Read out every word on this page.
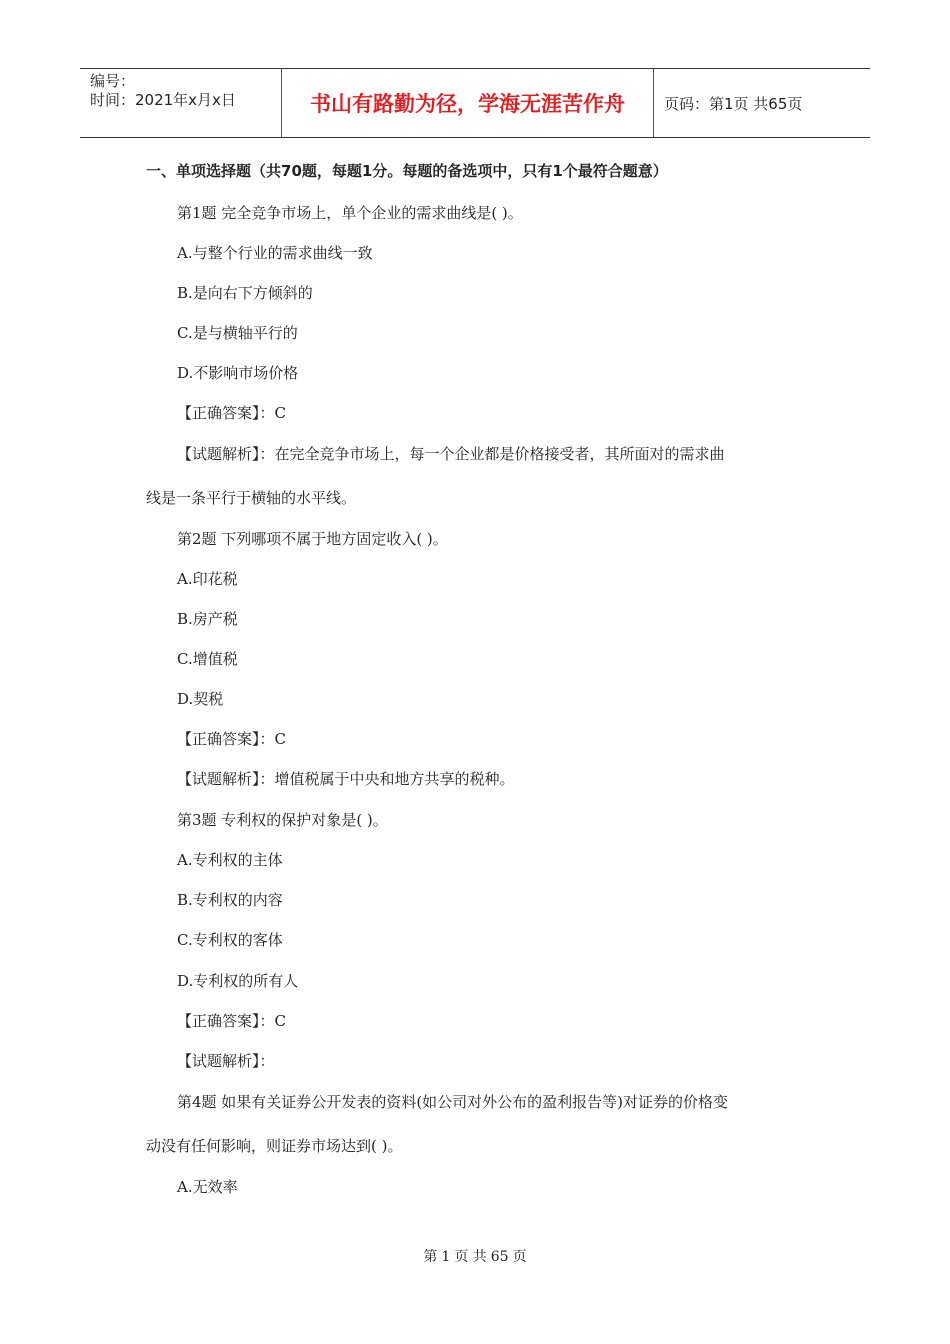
编号：
时间：2021年x月x日	书山有路勤为径，学海无涯苦作舟	页码：第1页 共65页
一、单项选择题（共70题，每题1分。每题的备选项中，只有1个最符合题意）
第1题 完全竞争市场上，单个企业的需求曲线是( )。
A.与整个行业的需求曲线一致
B.是向右下方倾斜的
C.是与横轴平行的
D.不影响市场价格
【正确答案】：C
【试题解析】：在完全竞争市场上，每一个企业都是价格接受者，其所面对的需求曲
线是一条平行于横轴的水平线。
第2题 下列哪项不属于地方固定收入( )。
A.印花税
B.房产税
C.增值税
D.契税
【正确答案】：C
【试题解析】：增值税属于中央和地方共享的税种。
第3题 专利权的保护对象是( )。
A.专利权的主体
B.专利权的内容
C.专利权的客体
D.专利权的所有人
【正确答案】：C
【试题解析】：
第4题 如果有关证券公开发表的资料(如公司对外公布的盈利报告等)对证券的价格变
动没有任何影响，则证券市场达到( )。
A.无效率
第 1 页 共 65 页
